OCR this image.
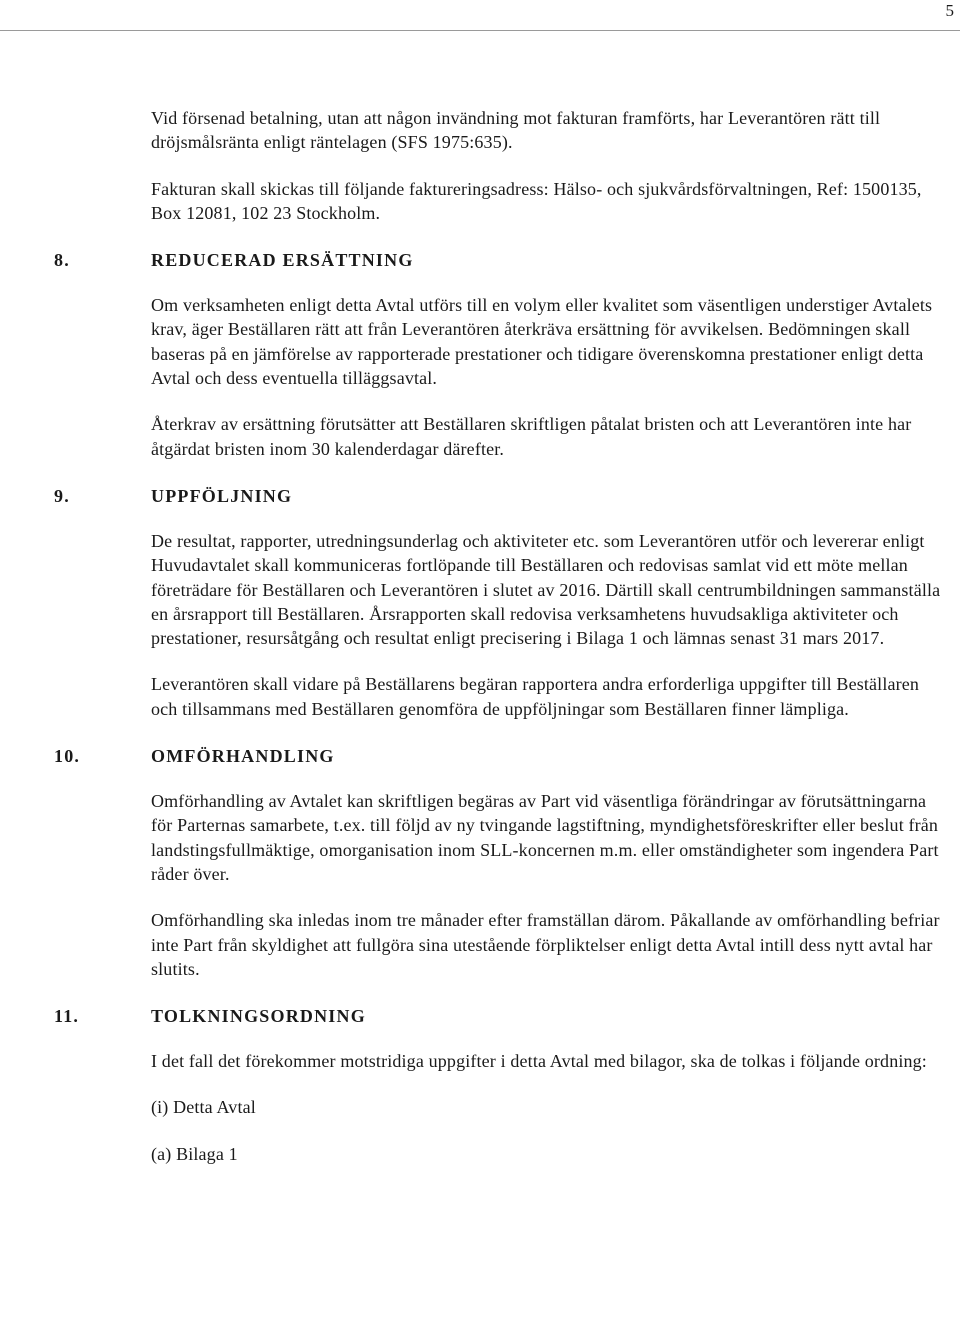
5

Vid försenad betalning, utan att någon invändning mot fakturan framförts, har Leverantören rätt till dröjsmålsränta enligt räntelagen (SFS 1975:635).

Fakturan skall skickas till följande faktureringsadress: Hälso- och sjukvårdsförvaltningen, Ref: 1500135, Box 12081, 102 23 Stockholm.

8.	REDUCERAD ERSÄTTNING

Om verksamheten enligt detta Avtal utförs till en volym eller kvalitet som väsentligen understiger Avtalets krav, äger Beställaren rätt att från Leverantören återkräva ersättning för avvikelsen. Bedömningen skall baseras på en jämförelse av rapporterade prestationer och tidigare överenskomna prestationer enligt detta Avtal och dess eventuella tilläggsavtal.

Återkrav av ersättning förutsätter att Beställaren skriftligen påtalat bristen och att Leverantören inte har åtgärdat bristen inom 30 kalenderdagar därefter.

9.	UPPFÖLJNING

De resultat, rapporter, utredningsunderlag och aktiviteter etc. som Leverantören utför och levererar enligt Huvudavtalet skall kommuniceras fortlöpande till Beställaren och redovisas samlat vid ett möte mellan företrädare för Beställaren och Leverantören i slutet av 2016. Därtill skall centrumbildningen sammanställa en årsrapport till Beställaren. Årsrapporten skall redovisa verksamhetens huvudsakliga aktiviteter och prestationer, resursåtgång och resultat enligt precisering i Bilaga 1 och lämnas senast 31 mars 2017.

Leverantören skall vidare på Beställarens begäran rapportera andra erforderliga uppgifter till Beställaren och tillsammans med Beställaren genomföra de uppföljningar som Beställaren finner lämpliga.

10.	OMFÖRHANDLING

Omförhandling av Avtalet kan skriftligen begäras av Part vid väsentliga förändringar av förutsättningarna för Parternas samarbete, t.ex. till följd av ny tvingande lagstiftning, myndighetsföreskrifter eller beslut från landstingsfullmäktige, omorganisation inom SLL-koncernen m.m. eller omständigheter som ingendera Part råder över.

Omförhandling ska inledas inom tre månader efter framställan därom. Påkallande av omförhandling befriar inte Part från skyldighet att fullgöra sina utestående förpliktelser enligt detta Avtal intill dess nytt avtal har slutits.

11.	TOLKNINGSORDNING

I det fall det förekommer motstridiga uppgifter i detta Avtal med bilagor, ska de tolkas i följande ordning:

(i) Detta Avtal

(a) Bilaga 1
